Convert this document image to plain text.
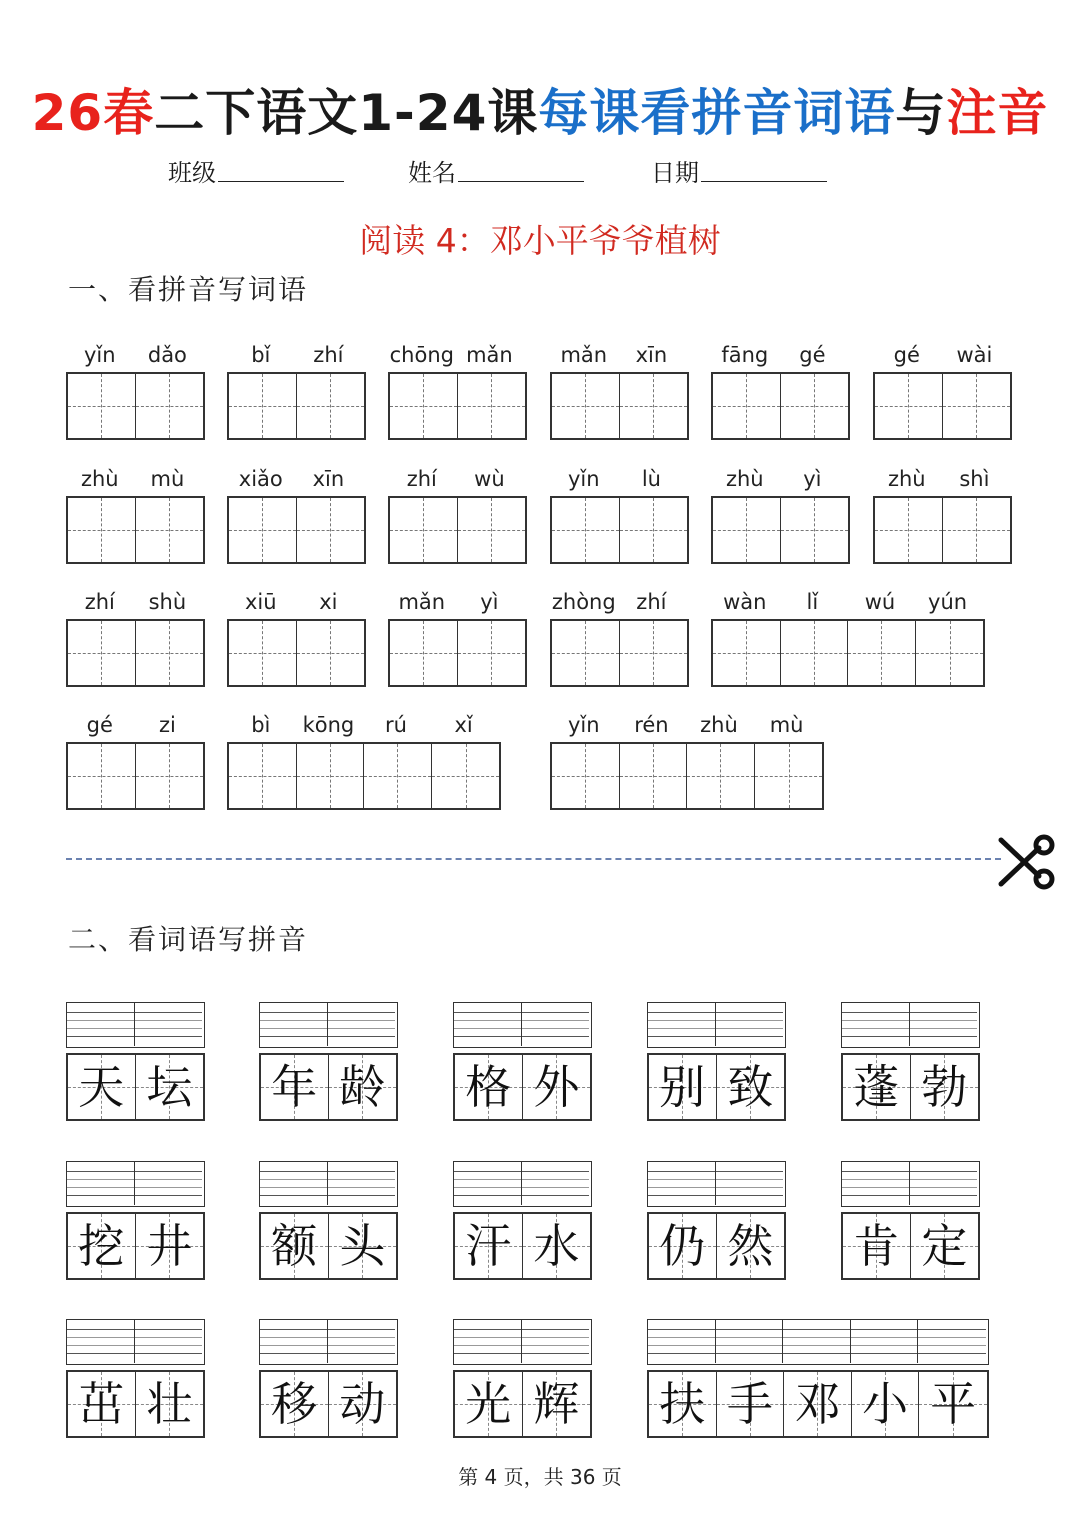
26春二下语文1-24课每课看拼音词语与注音
班级	姓名	日期
阅读 4：邓小平爷爷植树
一、看拼音写词语
yǐn	dǎo	bǐ	zhí	chōng mǎn	mǎn	xīn	fāng	gé	gé	wài
zhù	mù	xiǎo	xīn	zhí	wù	yǐn	lù	zhù	yì	zhù	shì
zhí	shù	xiū	xi	mǎn	yì	zhòng zhí	wàn	lǐ	wú	yún
gé	zi	bì	kōng	rú	xǐ	yǐn	rén	zhù	mù
二、看词语写拼音
天 坛 年 龄 格 外 别 致 蓬 勃
挖 井 额 头 汗 水 仍 然 肯 定
茁 壮 移 动 光 辉 扶 手 邓 小 平
第 4 页，共 36 页
